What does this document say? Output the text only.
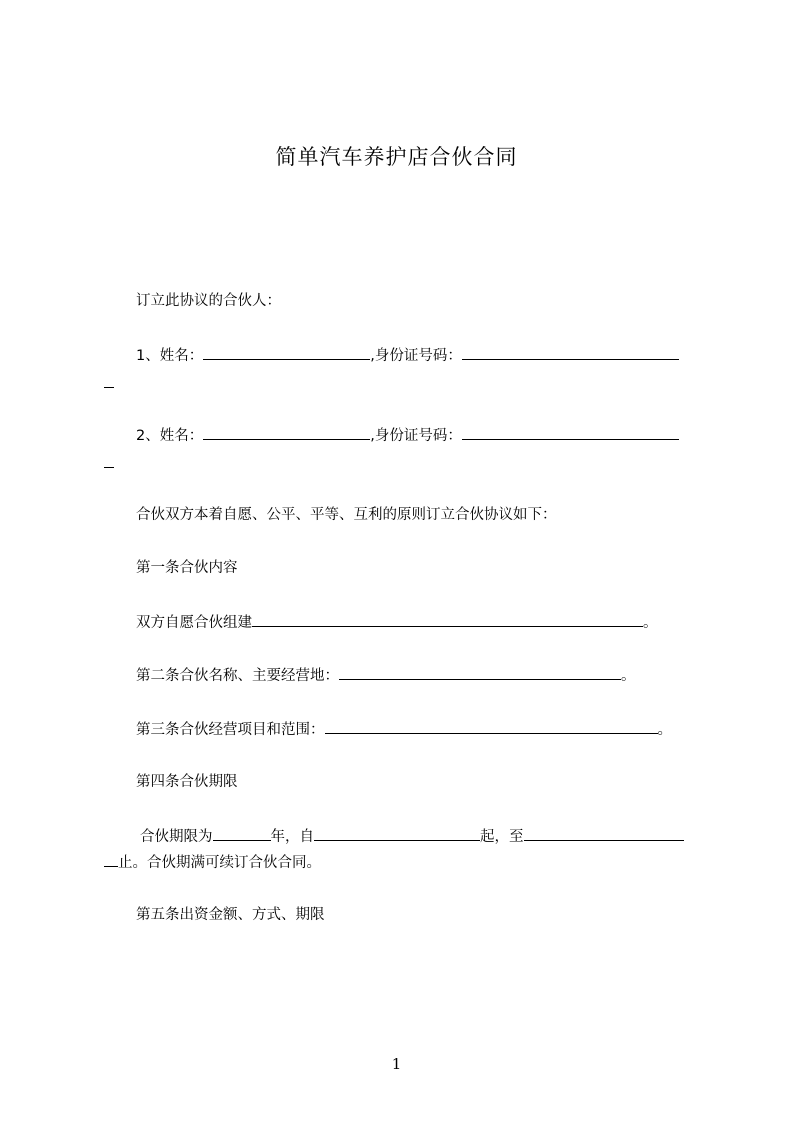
简单汽车养护店合伙合同
订立此协议的合伙人：
1、姓名：	,身份证号码：
2、姓名：	,身份证号码：
合伙双方本着自愿、公平、平等、互利的原则订立合伙协议如下：
第一条合伙内容
双方自愿合伙组建	。
第二条合伙名称、主要经营地：	。
第三条合伙经营项目和范围：	。
第四条合伙期限
合伙期限为	年，自	起，至
止。合伙期满可续订合伙合同。
第五条出资金额、方式、期限
1
